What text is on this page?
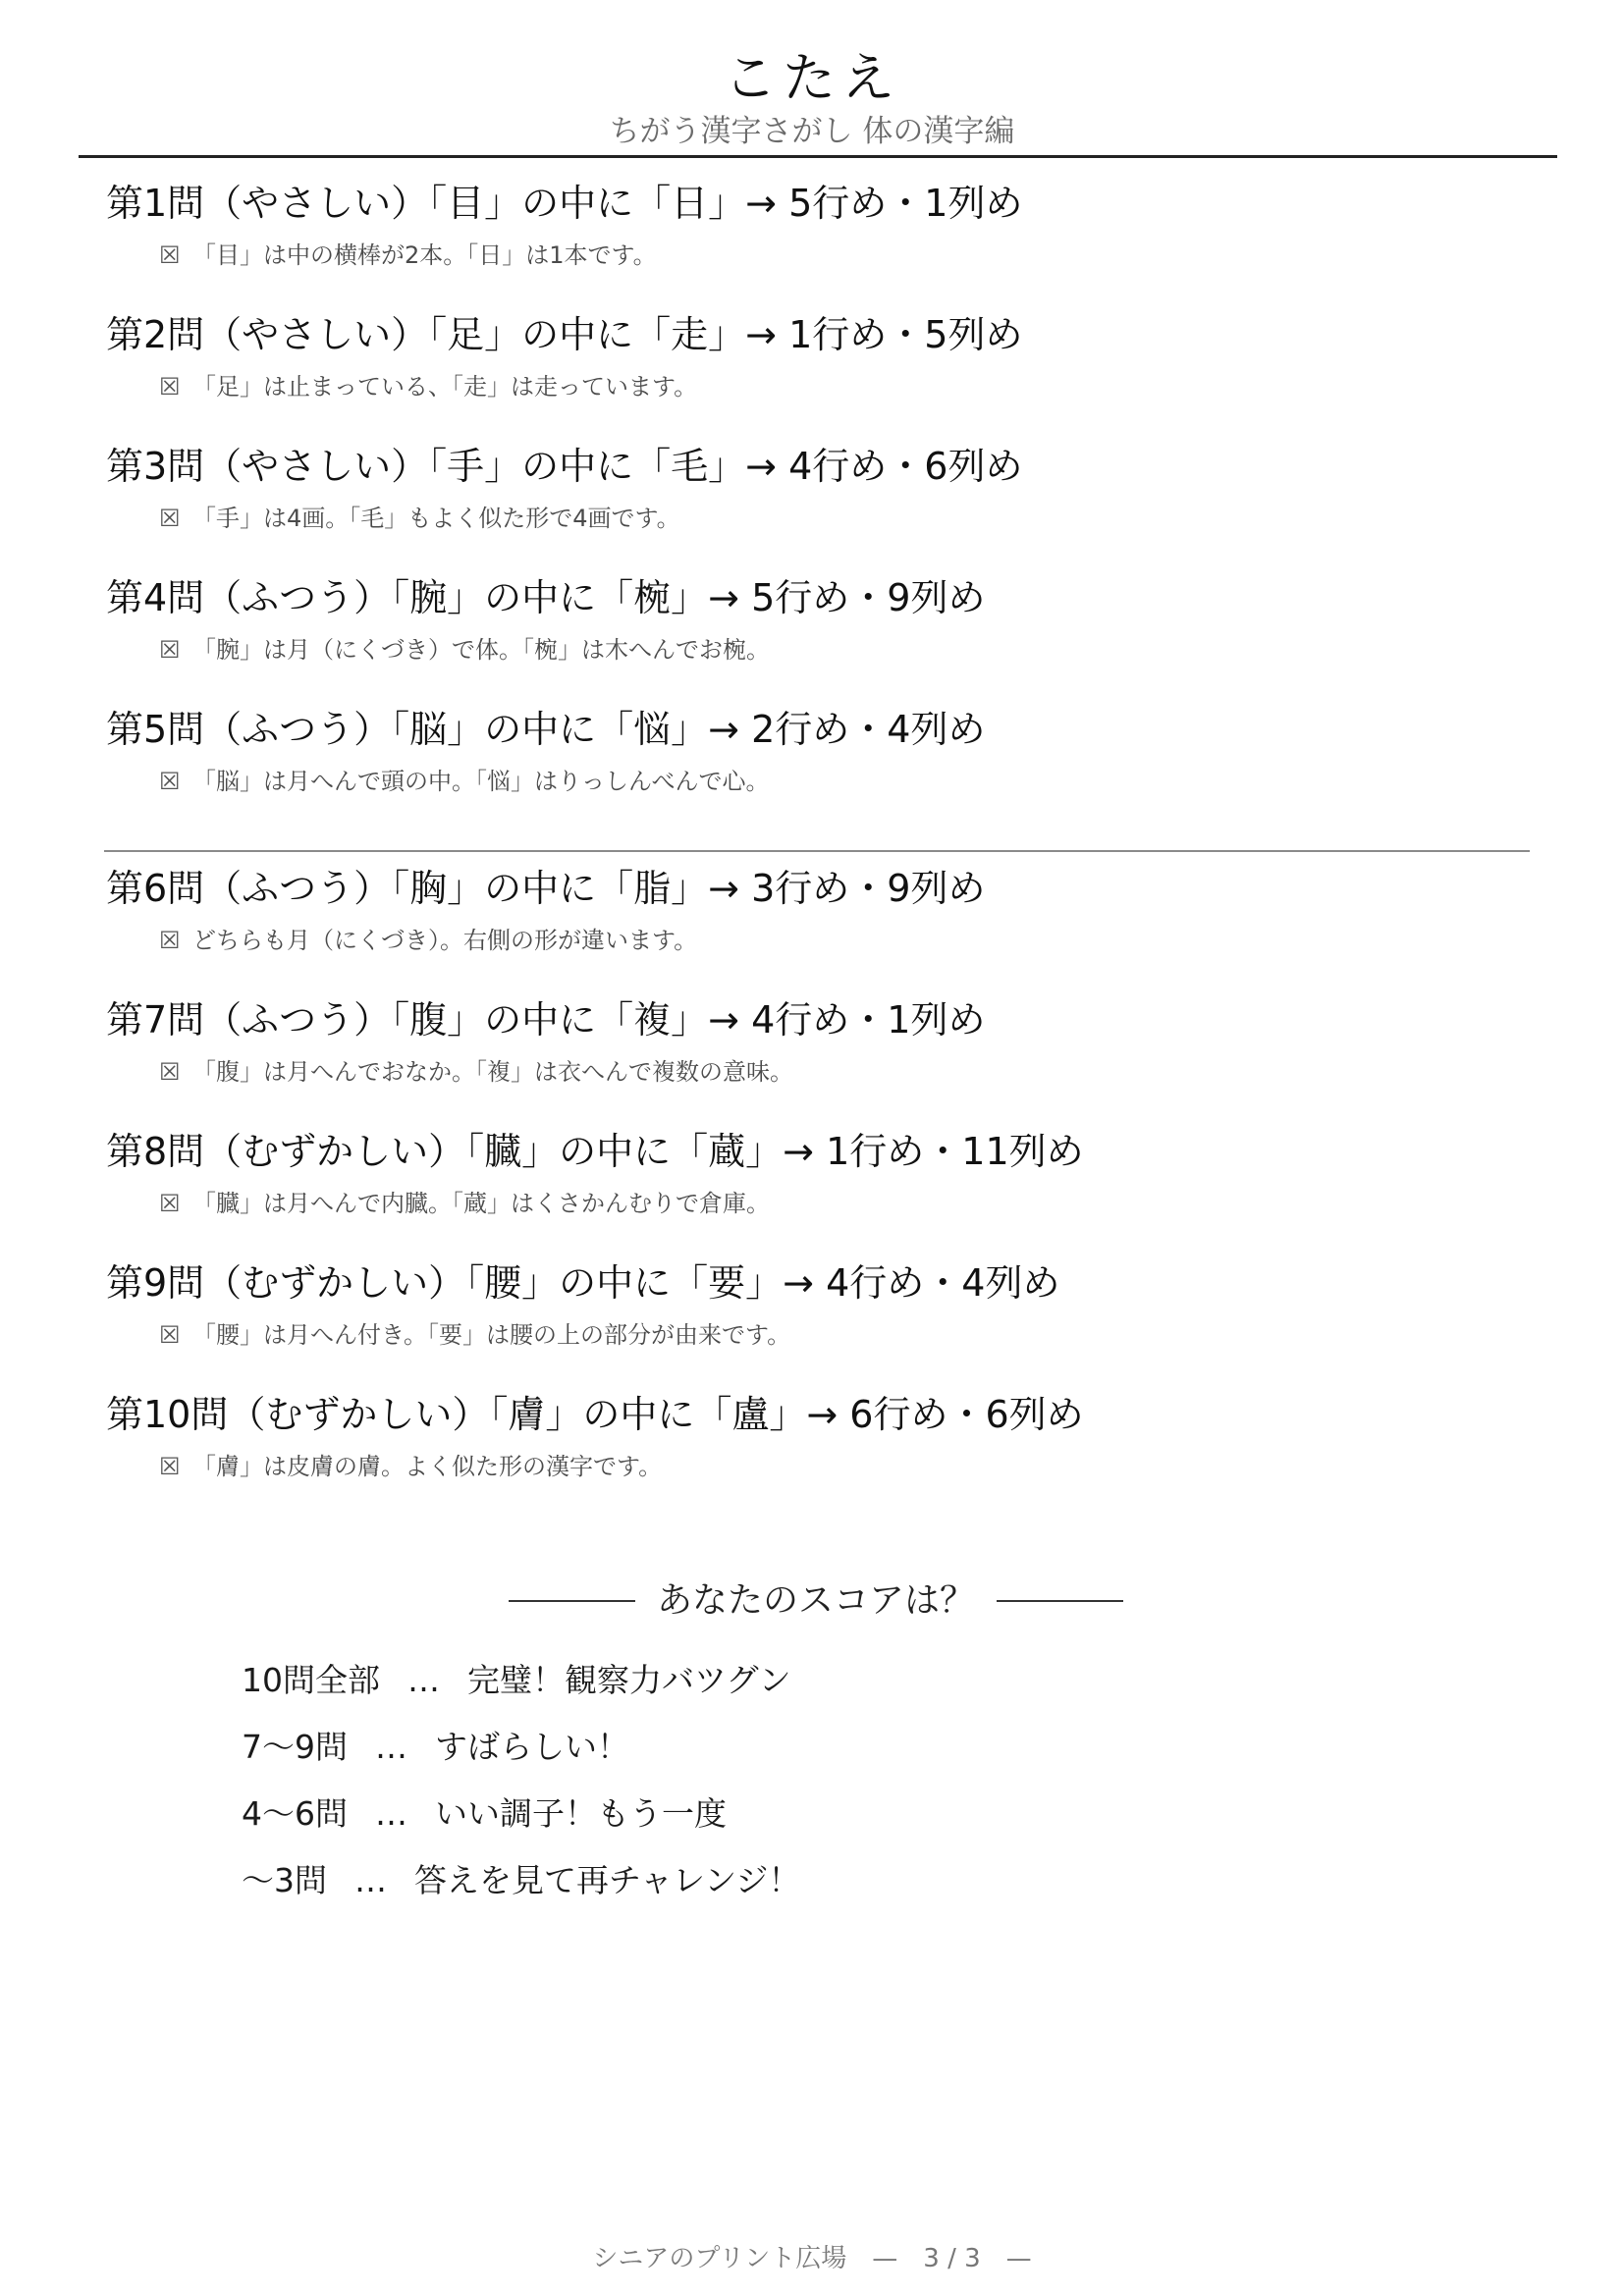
こたえ
ちがう漢字さがし 体の漢字編
第1問（やさしい）「目」の中に「日」→ 5行め・1列め
☒ 「目」は中の横棒が2本。「日」は1本です。
第2問（やさしい）「足」の中に「走」→ 1行め・5列め
☒ 「足」は止まっている、「走」は走っています。
第3問（やさしい）「手」の中に「毛」→ 4行め・6列め
☒ 「手」は4画。「毛」もよく似た形で4画です。
第4問（ふつう）「腕」の中に「椀」→ 5行め・9列め
☒ 「腕」は月（にくづき）で体。「椀」は木へんでお椀。
第5問（ふつう）「脳」の中に「悩」→ 2行め・4列め
☒ 「脳」は月へんで頭の中。「悩」はりっしんべんで心。
第6問（ふつう）「胸」の中に「脂」→ 3行め・9列め
☒ どちらも月（にくづき）。右側の形が違います。
第7問（ふつう）「腹」の中に「複」→ 4行め・1列め
☒ 「腹」は月へんでおなか。「複」は衣へんで複数の意味。
第8問（むずかしい）「臓」の中に「蔵」→ 1行め・11列め
☒ 「臓」は月へんで内臓。「蔵」はくさかんむりで倉庫。
第9問（むずかしい）「腰」の中に「要」→ 4行め・4列め
☒ 「腰」は月へん付き。「要」は腰の上の部分が由来です。
第10問（むずかしい）「膚」の中に「盧」→ 6行め・6列め
☒ 「膚」は皮膚の膚。よく似た形の漢字です。
あなたのスコアは？
10問全部 … 完璧！観察力バツグン
7〜9問 … すばらしい！
4〜6問 … いい調子！もう一度
〜3問 … 答えを見て再チャレンジ！
シニアのプリント広場　—　3 / 3　—
